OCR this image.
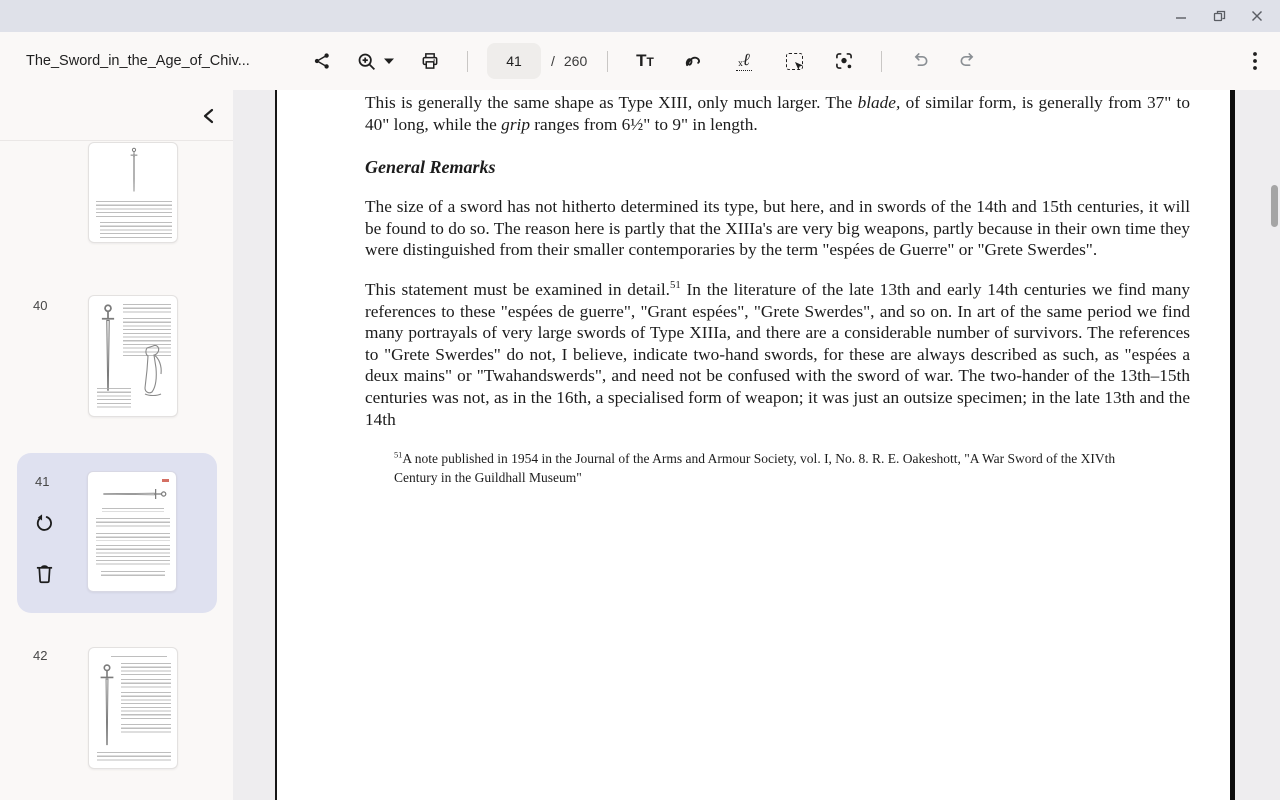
The_Sword_in_the_Age_of_Chiv...
41	/ 260	TT	xℓ
40
41
42
This is generally the same shape as Type XIII, only much larger. The blade, of similar form, is generally from 37" to 40" long, while the grip ranges from 6½" to 9" in length.
General Remarks
The size of a sword has not hitherto determined its type, but here, and in swords of the 14th and 15th centuries, it will be found to do so. The reason here is partly that the XIIIa's are very big weapons, partly because in their own time they were distinguished from their smaller contemporaries by the term "espées de Guerre" or "Grete Swerdes".
This statement must be examined in detail.$^{51}$ In the literature of the late 13th and early 14th centuries we find many references to these "espées de guerre", "Grant espées", "Grete Swerdes", and so on. In art of the same period we find many portrayals of very large swords of Type XIIIa, and there are a considerable number of survivors. The references to "Grete Swerdes" do not, I believe, indicate two-hand swords, for these are always described as such, as "espées a deux mains" or "Twahandswerds", and need not be confused with the sword of war. The two-hander of the 13th–15th centuries was not, as in the 16th, a specialised form of weapon; it was just an outsize specimen; in the late 13th and the 14th
$^{51}$A note published in 1954 in the Journal of the Arms and Armour Society, vol. I, No. 8. R. E. Oakeshott, "A War Sword of the XIVth Century in the Guildhall Museum"
